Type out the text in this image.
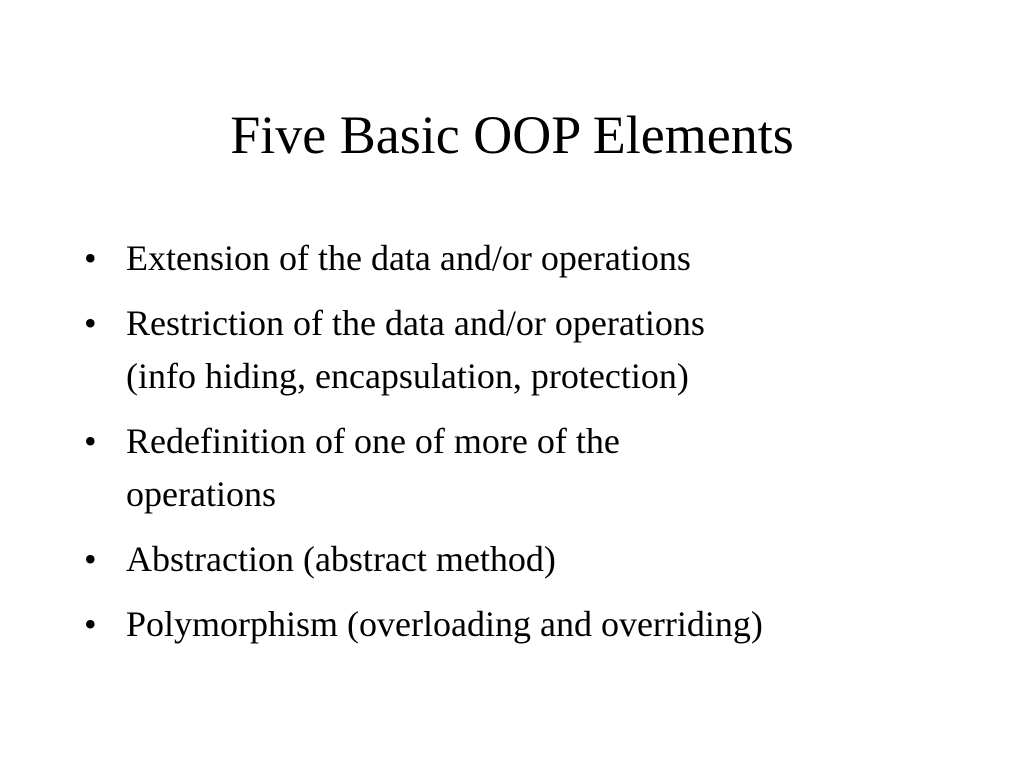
Five Basic OOP Elements
• Extension of the data and/or operations
• Restriction of the data and/or operations
(info hiding, encapsulation, protection)
• Redefinition of one of more of the
operations
• Abstraction (abstract method)
• Polymorphism (overloading and overriding)
